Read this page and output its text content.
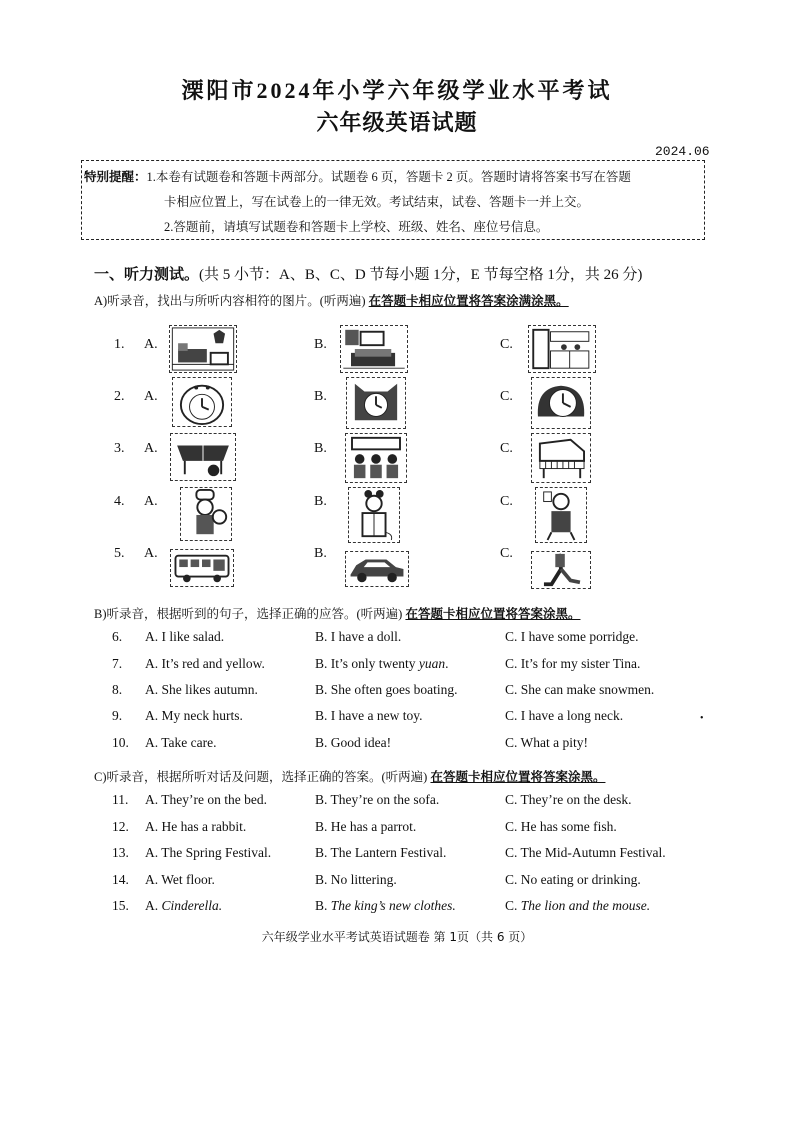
溧阳市2024年小学六年级学业水平考试
六年级英语试题
2024.06
特别提醒：1.本卷有试题卷和答题卡两部分。试题卷 6 页，答题卡 2 页。答题时请将答案书写在答题
卡相应位置上，写在试卷上的一律无效。考试结束，试卷、答题卡一并上交。
2.答题前，请填写试题卷和答题卡上学校、班级、姓名、座位号信息。
一、听力测试。(共 5 小节：A、B、C、D 节每小题 1分，E 节每空格 1分，共 26 分)
A)听录音，找出与所听内容相符的图片。(听两遍) 在答题卡相应位置将答案涂满涂黑。
1. A.	B.	C.
2. A.	B.	C.
3. A.	B.	C.
4. A.	B.	C.
5. A.	B.	C.
B)听录音，根据听到的句子，选择正确的应答。(听两遍) 在答题卡相应位置将答案涂黑。
6. A. I like salad.	B. I have a doll.	C. I have some porridge.
7. A. It’s red and yellow.	B. It’s only twenty yuan.	C. It’s for my sister Tina.
8. A. She likes autumn.	B. She often goes boating.	C. She can make snowmen.
9. A. My neck hurts.	B. I have a new toy.	C. I have a long neck.	•
10. A. Take care.	B. Good idea!	C. What a pity!
C)听录音，根据所听对话及问题，选择正确的答案。(听两遍) 在答题卡相应位置将答案涂黑。
11. A. They’re on the bed.	B. They’re on the sofa.	C. They’re on the desk.
12. A. He has a rabbit.	B. He has a parrot.	C. He has some fish.
13. A. The Spring Festival.	B. The Lantern Festival.	C. The Mid-Autumn Festival.
14. A. Wet floor.	B. No littering.	C. No eating or drinking.
15. A. Cinderella.	B. The king’s new clothes.	C. The lion and the mouse.
六年级学业水平考试英语试题卷 第 1页（共 6 页）
